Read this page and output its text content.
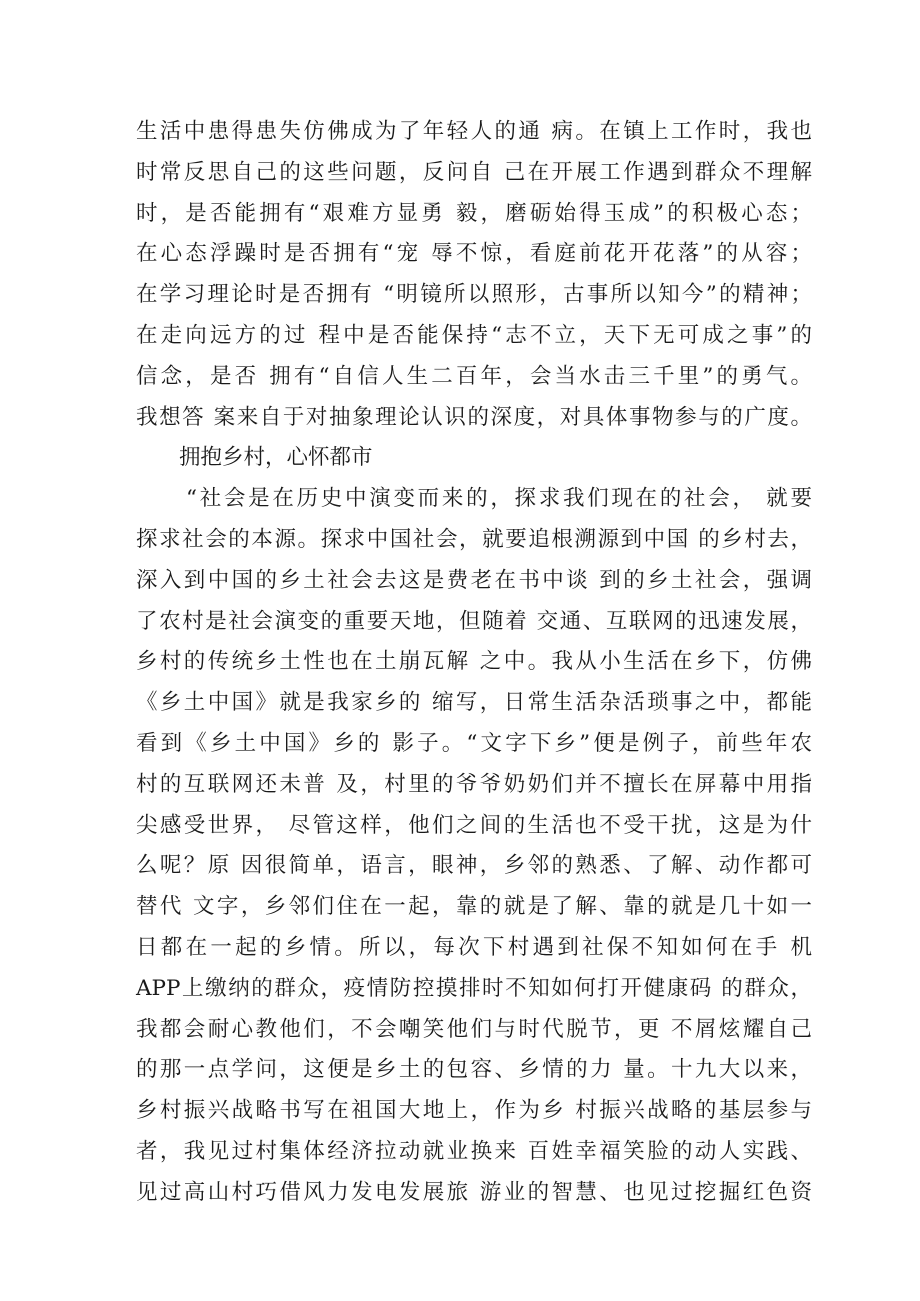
生活中患得患失仿佛成为了年轻人的通 病。在镇上工作时，我也
时常反思自己的这些问题，反问自 己在开展工作遇到群众不理解
时，是否能拥有“艰难方显勇 毅，磨砺始得玉成”的积极心态；
在心态浮躁时是否拥有“宠 辱不惊，看庭前花开花落”的从容；
在学习理论时是否拥有 “明镜所以照形，古事所以知今”的精神；
在走向远方的过 程中是否能保持“志不立，天下无可成之事”的
信念，是否 拥有“自信人生二百年，会当水击三千里”的勇气。
我想答 案来自于对抽象理论认识的深度，对具体事物参与的广度。
拥抱乡村，心怀都市
“社会是在历史中演变而来的，探求我们现在的社会， 就要
探求社会的本源。探求中国社会，就要追根溯源到中国 的乡村去，
深入到中国的乡土社会去这是费老在书中谈 到的乡土社会，强调
了农村是社会演变的重要天地，但随着 交通、互联网的迅速发展，
乡村的传统乡土性也在土崩瓦解 之中。我从小生活在乡下，仿佛
《乡土中国》就是我家乡的 缩写，日常生活杂活琐事之中，都能
看到《乡土中国》乡的 影子。“文字下乡”便是例子，前些年农
村的互联网还未普 及，村里的爷爷奶奶们并不擅长在屏幕中用指
尖感受世界， 尽管这样，他们之间的生活也不受干扰，这是为什
么呢？原 因很简单，语言，眼神，乡邻的熟悉、了解、动作都可
替代 文字，乡邻们住在一起，靠的就是了解、靠的就是几十如一
日都在一起的乡情。所以，每次下村遇到社保不知如何在手 机
APP上缴纳的群众，疫情防控摸排时不知如何打开健康码 的群众，
我都会耐心教他们，不会嘲笑他们与时代脱节，更 不屑炫耀自己
的那一点学问，这便是乡土的包容、乡情的力 量。十九大以来，
乡村振兴战略书写在祖国大地上，作为乡 村振兴战略的基层参与
者，我见过村集体经济拉动就业换来 百姓幸福笑脸的动人实践、
见过高山村巧借风力发电发展旅 游业的智慧、也见过挖掘红色资
